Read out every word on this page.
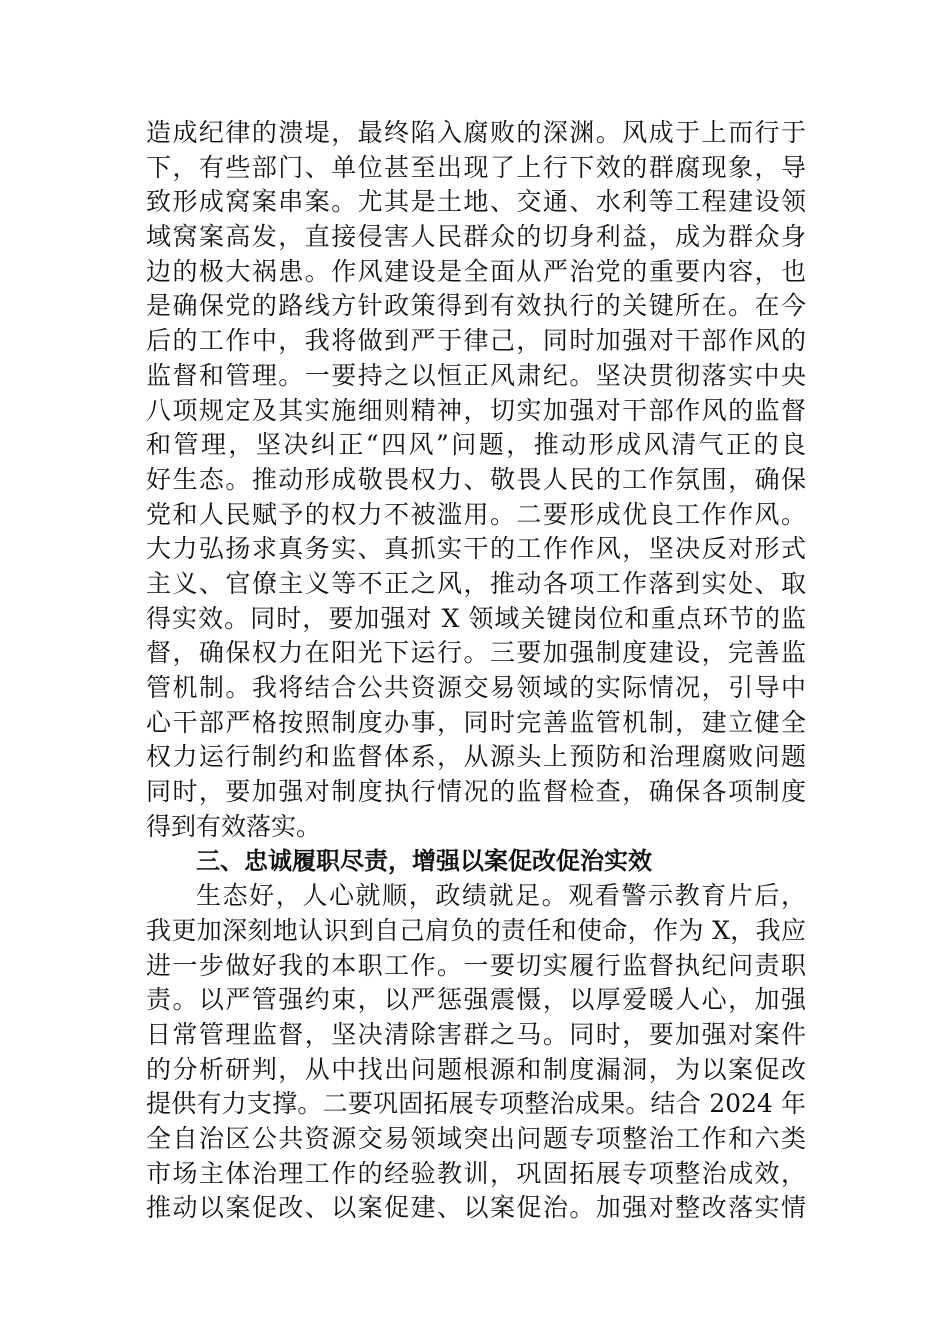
造成纪律的溃堤，最终陷入腐败的深渊。风成于上而行于
下，有些部门、单位甚至出现了上行下效的群腐现象，导
致形成窝案串案。尤其是土地、交通、水利等工程建设领
域窝案高发，直接侵害人民群众的切身利益，成为群众身
边的极大祸患。作风建设是全面从严治党的重要内容，也
是确保党的路线方针政策得到有效执行的关键所在。在今
后的工作中，我将做到严于律己，同时加强对干部作风的
监督和管理。一要持之以恒正风肃纪。坚决贯彻落实中央
八项规定及其实施细则精神，切实加强对干部作风的监督
和管理，坚决纠正“四风”问题，推动形成风清气正的良
好生态。推动形成敬畏权力、敬畏人民的工作氛围，确保
党和人民赋予的权力不被滥用。二要形成优良工作作风。
大力弘扬求真务实、真抓实干的工作作风，坚决反对形式
主义、官僚主义等不正之风，推动各项工作落到实处、取
得实效。同时，要加强对 X 领域关键岗位和重点环节的监
督，确保权力在阳光下运行。三要加强制度建设，完善监
管机制。我将结合公共资源交易领域的实际情况，引导中
心干部严格按照制度办事，同时完善监管机制，建立健全
权力运行制约和监督体系，从源头上预防和治理腐败问题
同时，要加强对制度执行情况的监督检查，确保各项制度
得到有效落实。
三、忠诚履职尽责，增强以案促改促治实效
生态好，人心就顺，政绩就足。观看警示教育片后，
我更加深刻地认识到自己肩负的责任和使命，作为 X，我应
进一步做好我的本职工作。一要切实履行监督执纪问责职
责。以严管强约束，以严惩强震慑，以厚爱暖人心，加强
日常管理监督，坚决清除害群之马。同时，要加强对案件
的分析研判，从中找出问题根源和制度漏洞，为以案促改
提供有力支撑。二要巩固拓展专项整治成果。结合 2024 年
全自治区公共资源交易领域突出问题专项整治工作和六类
市场主体治理工作的经验教训，巩固拓展专项整治成效，
推动以案促改、以案促建、以案促治。加强对整改落实情
